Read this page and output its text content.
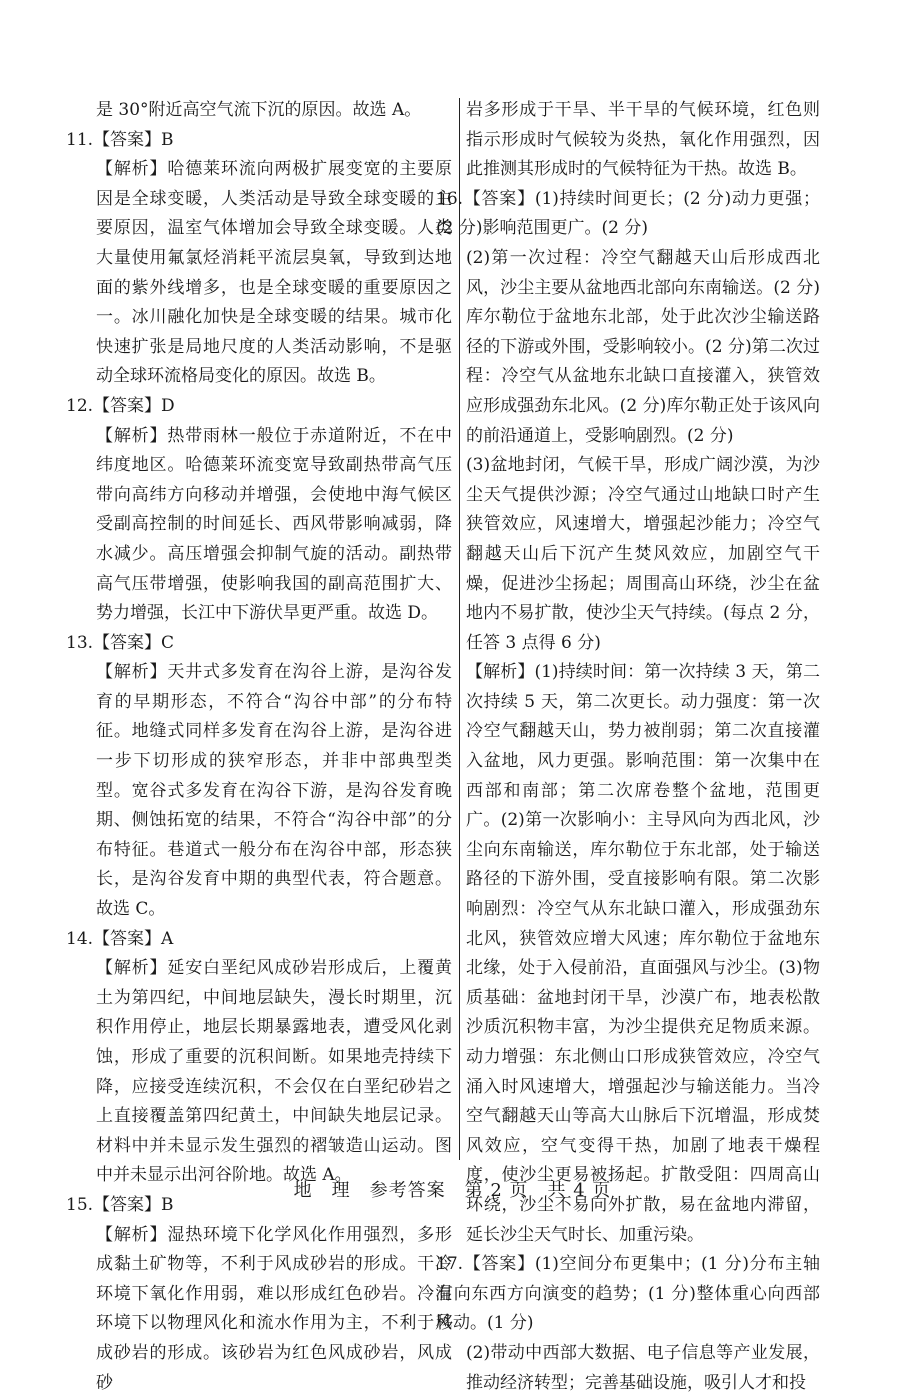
是 30°附近高空气流下沉的原因。故选 A。

11.【答案】B

【解析】哈德莱环流向两极扩展变宽的主要原因是全球变暖，人类活动是导致全球变暖的主要原因，温室气体增加会导致全球变暖。人类大量使用氟氯烃消耗平流层臭氧，导致到达地面的紫外线增多，也是全球变暖的重要原因之一。冰川融化加快是全球变暖的结果。城市化快速扩张是局地尺度的人类活动影响，不是驱动全球环流格局变化的原因。故选 B。

12.【答案】D

【解析】热带雨林一般位于赤道附近，不在中纬度地区。哈德莱环流变宽导致副热带高气压带向高纬方向移动并增强，会使地中海气候区受副高控制的时间延长、西风带影响减弱，降水减少。高压增强会抑制气旋的活动。副热带高气压带增强，使影响我国的副高范围扩大、势力增强，长江中下游伏旱更严重。故选 D。

13.【答案】C

【解析】天井式多发育在沟谷上游，是沟谷发育的早期形态，不符合“沟谷中部”的分布特征。地缝式同样多发育在沟谷上游，是沟谷进一步下切形成的狭窄形态，并非中部典型类型。宽谷式多发育在沟谷下游，是沟谷发育晚期、侧蚀拓宽的结果，不符合“沟谷中部”的分布特征。巷道式一般分布在沟谷中部，形态狭长，是沟谷发育中期的典型代表，符合题意。故选 C。

14.【答案】A

【解析】延安白垩纪风成砂岩形成后，上覆黄土为第四纪，中间地层缺失，漫长时期里，沉积作用停止，地层长期暴露地表，遭受风化剥蚀，形成了重要的沉积间断。如果地壳持续下降，应接受连续沉积，不会仅在白垩纪砂岩之上直接覆盖第四纪黄土，中间缺失地层记录。材料中并未显示发生强烈的褶皱造山运动。图中并未显示出河谷阶地。故选 A。

15.【答案】B

【解析】湿热环境下化学风化作用强烈，多形成黏土矿物等，不利于风成砂岩的形成。干冷环境下氧化作用弱，难以形成红色砂岩。冷湿环境下以物理风化和流水作用为主，不利于风成砂岩的形成。该砂岩为红色风成砂岩，风成砂

岩多形成于干旱、半干旱的气候环境，红色则指示形成时气候较为炎热，氧化作用强烈，因此推测其形成时的气候特征为干热。故选 B。

16.【答案】(1)持续时间更长；(2 分)动力更强；(2 分)影响范围更广。(2 分)

(2)第一次过程：冷空气翻越天山后形成西北风，沙尘主要从盆地西北部向东南输送。(2 分)库尔勒位于盆地东北部，处于此次沙尘输送路径的下游或外围，受影响较小。(2 分)第二次过程：冷空气从盆地东北缺口直接灌入，狭管效应形成强劲东北风。(2 分)库尔勒正处于该风向的前沿通道上，受影响剧烈。(2 分)

(3)盆地封闭，气候干旱，形成广阔沙漠，为沙尘天气提供沙源；冷空气通过山地缺口时产生狭管效应，风速增大，增强起沙能力；冷空气翻越天山后下沉产生焚风效应，加剧空气干燥，促进沙尘扬起；周围高山环绕，沙尘在盆地内不易扩散，使沙尘天气持续。(每点 2 分，任答 3 点得 6 分)

【解析】(1)持续时间：第一次持续 3 天，第二次持续 5 天，第二次更长。动力强度：第一次冷空气翻越天山，势力被削弱；第二次直接灌入盆地，风力更强。影响范围：第一次集中在西部和南部；第二次席卷整个盆地，范围更广。(2)第一次影响小：主导风向为西北风，沙尘向东南输送，库尔勒位于东北部，处于输送路径的下游外围，受直接影响有限。第二次影响剧烈：冷空气从东北缺口灌入，形成强劲东北风，狭管效应增大风速；库尔勒位于盆地东北缘，处于入侵前沿，直面强风与沙尘。(3)物质基础：盆地封闭干旱，沙漠广布，地表松散沙质沉积物丰富，为沙尘提供充足物质来源。动力增强：东北侧山口形成狭管效应，冷空气涌入时风速增大，增强起沙与输送能力。当冷空气翻越天山等高大山脉后下沉增温，形成焚风效应，空气变得干热，加剧了地表干燥程度，使沙尘更易被扬起。扩散受阻：四周高山环绕，沙尘不易向外扩散，易在盆地内滞留，延长沙尘天气时长、加重污染。

17.【答案】(1)空间分布更集中；(1 分)分布主轴有向东西方向演变的趋势；(1 分)整体重心向西部移动。(1 分)

(2)带动中西部大数据、电子信息等产业发展，推动经济转型；完善基础设施，吸引人才和投

地　理　参考答案　第 2 页　共 4 页
